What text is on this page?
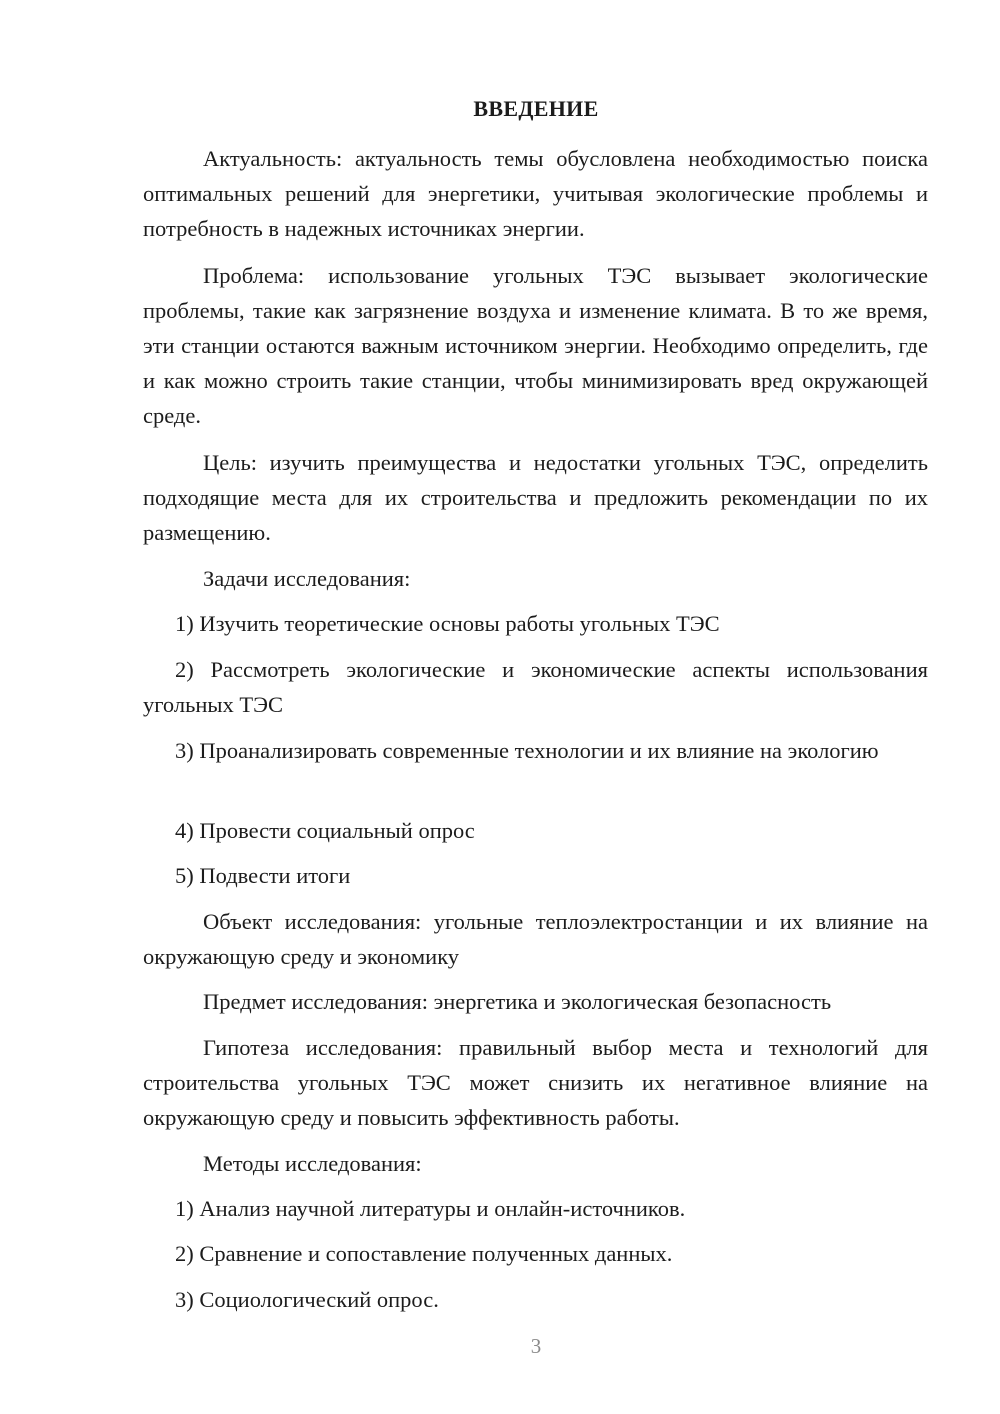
ВВЕДЕНИЕ

Актуальность: актуальность темы обусловлена необходимостью поиска оптимальных решений для энергетики, учитывая экологические проблемы и потребность в надежных источниках энергии.

Проблема: использование угольных ТЭС вызывает экологические проблемы, такие как загрязнение воздуха и изменение климата. В то же время, эти станции остаются важным источником энергии. Необходимо определить, где и как можно строить такие станции, чтобы минимизировать вред окружающей среде.

Цель: изучить преимущества и недостатки угольных ТЭС, определить подходящие места для их строительства и предложить рекомендации по их размещению.

Задачи исследования:

1) Изучить теоретические основы работы угольных ТЭС

2) Рассмотреть экологические и экономические аспекты использования угольных ТЭС

3) Проанализировать современные технологии и их влияние на экологию

4) Провести социальный опрос

5) Подвести итоги

Объект исследования: угольные теплоэлектростанции и их влияние на окружающую среду и экономику

Предмет исследования: энергетика и экологическая безопасность

Гипотеза исследования: правильный выбор места и технологий для строительства угольных ТЭС может снизить их негативное влияние на окружающую среду и повысить эффективность работы.

Методы исследования:

1) Анализ научной литературы и онлайн-источников.

2) Сравнение и сопоставление полученных данных.

3) Социологический опрос.

3
